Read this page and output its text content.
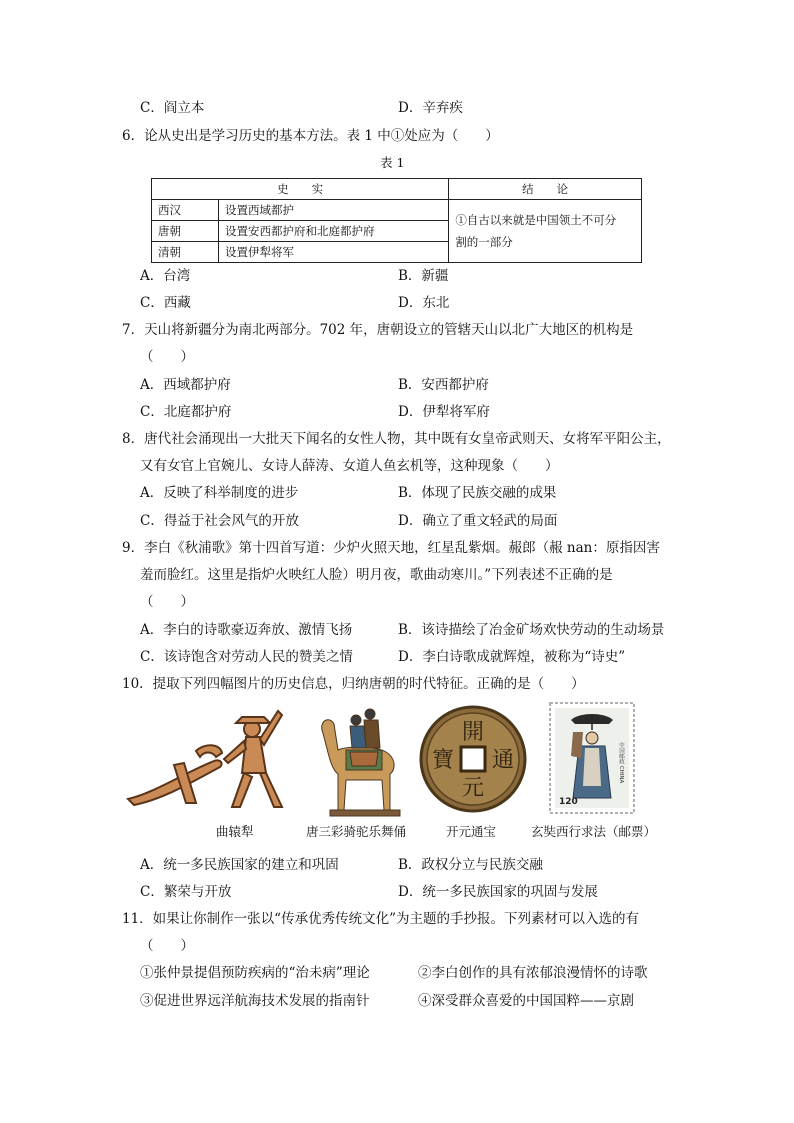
C．阎立本	D．辛弃疾
6．论从史出是学习历史的基本方法。表 1 中①处应为（　　）
表 1
史　　实		结　　论
西汉	设置西域都护	①自古以来就是中国领土不可分
割的一部分

唐朝	设置安西都护府和北庭都护府	
清朝	设置伊犁将军	
A．台湾	B．新疆
C．西藏	D．东北
7．天山将新疆分为南北两部分。702 年，唐朝设立的管辖天山以北广大地区的机构是
（　　）
A．西域都护府	B．安西都护府
C．北庭都护府	D．伊犁将军府
8．唐代社会涌现出一大批天下闻名的女性人物，其中既有女皇帝武则天、女将军平阳公主，
又有女官上官婉儿、女诗人薛涛、女道人鱼玄机等，这种现象（　　）
A．反映了科举制度的进步	B．体现了民族交融的成果
C．得益于社会风气的开放	D．确立了重文轻武的局面
9．李白《秋浦歌》第十四首写道：少炉火照天地，红星乱紫烟。赧郎（赧 nan：原指因害
羞而脸红。这里是指炉火映红人脸）明月夜，歌曲动寒川。”下列表述不正确的是
（　　）
A．李白的诗歌豪迈奔放、激情飞扬	B．该诗描绘了冶金矿场欢快劳动的生动场景
C．该诗饱含对劳动人民的赞美之情	D．李白诗歌成就辉煌，被称为“诗史”
10．提取下列四幅图片的历史信息，归纳唐朝的时代特征。正确的是（　　）
開
元
通
寶	中国邮政 CHINA
120
曲辕犁	唐三彩骑驼乐舞俑	开元通宝	玄奘西行求法（邮票）
A．统一多民族国家的建立和巩固	B．政权分立与民族交融
C．繁荣与开放	D．统一多民族国家的巩固与发展
11．如果让你制作一张以“传承优秀传统文化”为主题的手抄报。下列素材可以入选的有
（　　）
①张仲景提倡预防疾病的“治未病”理论	②李白创作的具有浓郁浪漫情怀的诗歌
③促进世界远洋航海技术发展的指南针	④深受群众喜爱的中国国粹——京剧
